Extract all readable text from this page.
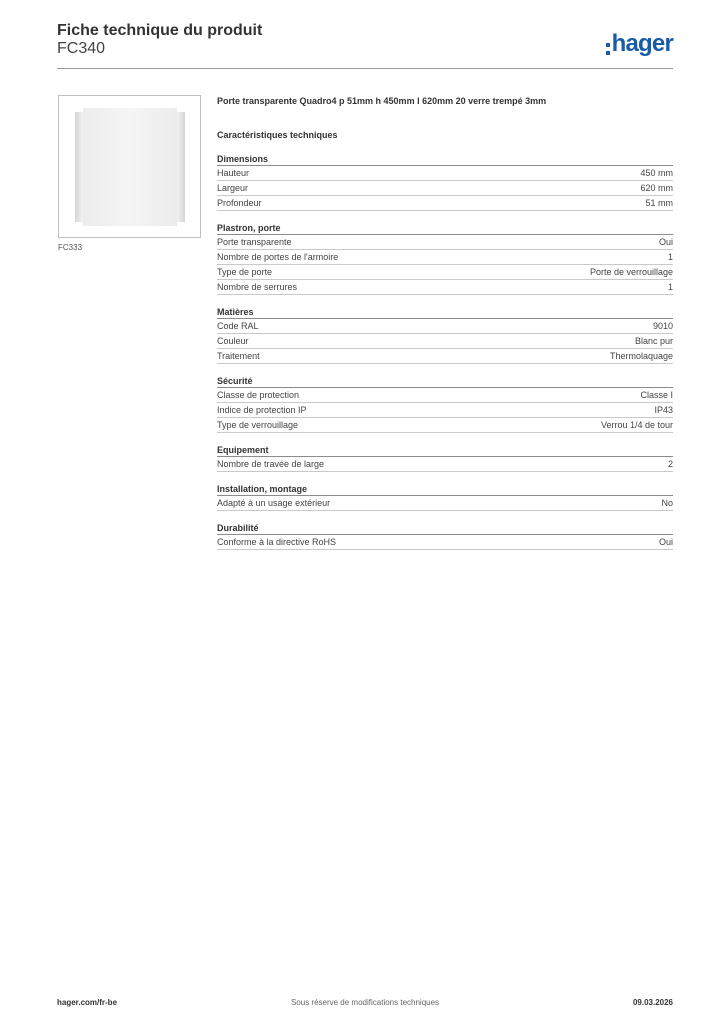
Fiche technique du produit
FC340	hager
FC333
Porte transparente Quadro4 p 51mm h 450mm l 620mm 20 verre trempé 3mm
Caractéristiques techniques
Dimensions
Hauteur	450 mm
Largeur	620 mm
Profondeur	51 mm
Plastron, porte
Porte transparente	Oui
Nombre de portes de l'armoire	1
Type de porte	Porte de verrouillage
Nombre de serrures	1
Matières
Code RAL	9010
Couleur	Blanc pur
Traitement	Thermolaquage
Sécurité
Classe de protection	Classe I
Indice de protection IP	IP43
Type de verrouillage	Verrou 1/4 de tour
Equipement
Nombre de travée de large	2
Installation, montage
Adapté à un usage extérieur	No
Durabilité
Conforme à la directive RoHS	Oui
hager.com/fr-be	Sous réserve de modifications techniques	09.03.2026
